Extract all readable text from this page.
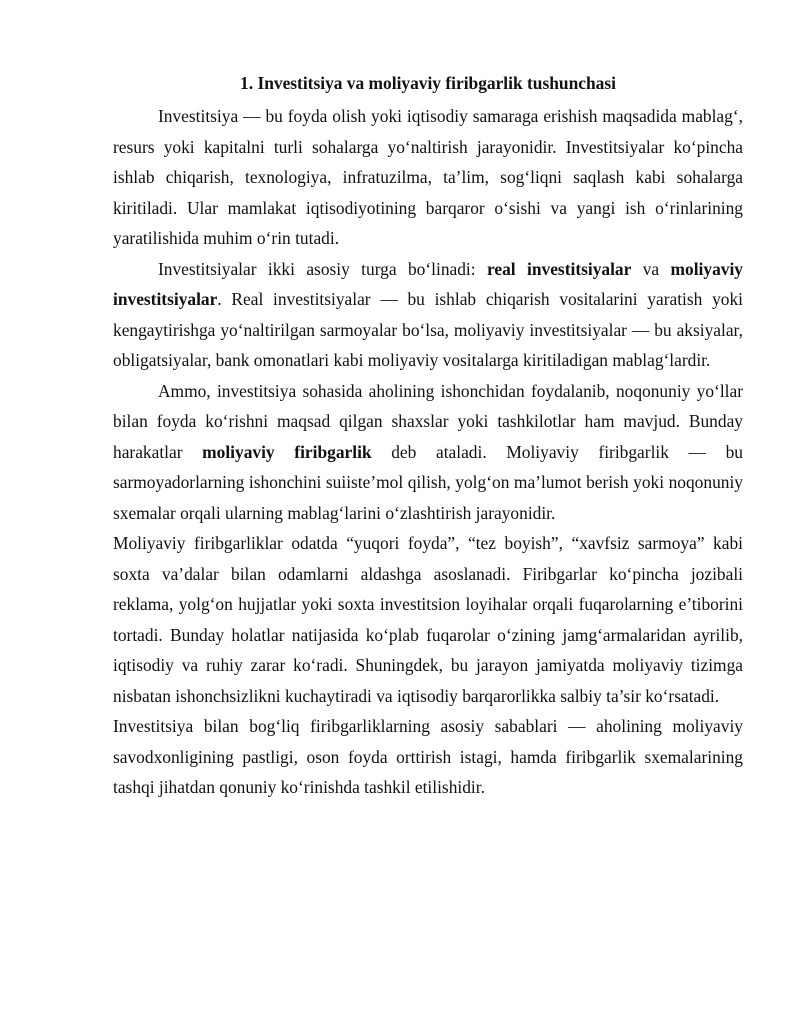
1. Investitsiya va moliyaviy firibgarlik tushunchasi

Investitsiya — bu foyda olish yoki iqtisodiy samaraga erishish maqsadida mablag‘, resurs yoki kapitalni turli sohalarga yo‘naltirish jarayonidir. Investitsiyalar ko‘pincha ishlab chiqarish, texnologiya, infratuzilma, ta’lim, sog‘liqni saqlash kabi sohalarga kiritiladi. Ular mamlakat iqtisodiyotining barqaror o‘sishi va yangi ish o‘rinlarining yaratilishida muhim o‘rin tutadi.

Investitsiyalar ikki asosiy turga bo‘linadi: real investitsiyalar va moliyaviy investitsiyalar. Real investitsiyalar — bu ishlab chiqarish vositalarini yaratish yoki kengaytirishga yo‘naltirilgan sarmoyalar bo‘lsa, moliyaviy investitsiyalar — bu aksiyalar, obligatsiyalar, bank omonatlari kabi moliyaviy vositalarga kiritiladigan mablag‘lardir.

Ammo, investitsiya sohasida aholining ishonchidan foydalanib, noqonuniy yo‘llar bilan foyda ko‘rishni maqsad qilgan shaxslar yoki tashkilotlar ham mavjud. Bunday harakatlar moliyaviy firibgarlik deb ataladi. Moliyaviy firibgarlik — bu sarmoyadorlarning ishonchini suiiste’mol qilish, yolg‘on ma’lumot berish yoki noqonuniy sxemalar orqali ularning mablag‘larini o‘zlashtirish jarayonidir.

Moliyaviy firibgarliklar odatda “yuqori foyda”, “tez boyish”, “xavfsiz sarmoya” kabi soxta va’dalar bilan odamlarni aldashga asoslanadi. Firibgarlar ko‘pincha jozibali reklama, yolg‘on hujjatlar yoki soxta investitsion loyihalar orqali fuqarolarning e’tiborini tortadi. Bunday holatlar natijasida ko‘plab fuqarolar o‘zining jamg‘armalaridan ayrilib, iqtisodiy va ruhiy zarar ko‘radi. Shuningdek, bu jarayon jamiyatda moliyaviy tizimga nisbatan ishonchsizlikni kuchaytiradi va iqtisodiy barqarorlikka salbiy ta’sir ko‘rsatadi.

Investitsiya bilan bog‘liq firibgarliklarning asosiy sabablari — aholining moliyaviy savodxonligining pastligi, oson foyda orttirish istagi, hamda firibgarlik sxemalarining tashqi jihatdan qonuniy ko‘rinishda tashkil etilishidir.
